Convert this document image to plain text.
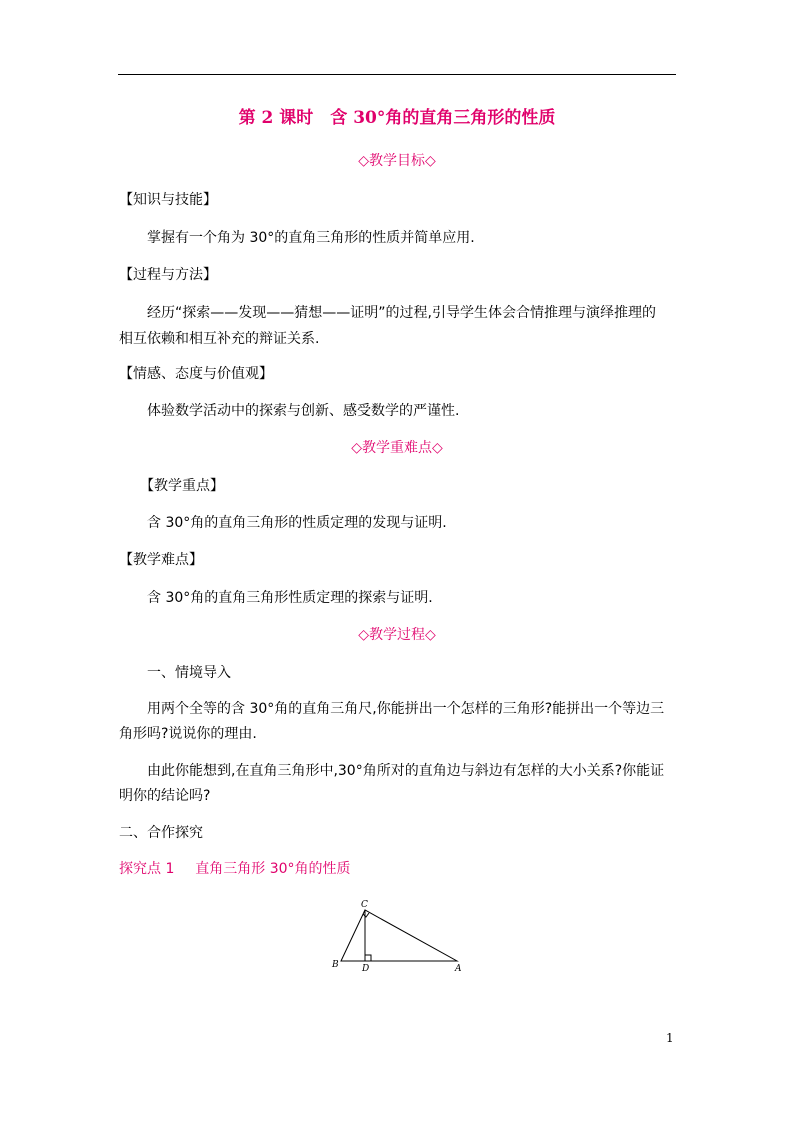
第 2 课时　含 30°角的直角三角形的性质
◇教学目标◇
【知识与技能】
掌握有一个角为 30°的直角三角形的性质并简单应用.
【过程与方法】
经历“探索——发现——猜想——证明”的过程,引导学生体会合情推理与演绎推理的
相互依赖和相互补充的辩证关系.
【情感、态度与价值观】
体验数学活动中的探索与创新、感受数学的严谨性.
◇教学重难点◇
【教学重点】
含 30°角的直角三角形的性质定理的发现与证明.
【教学难点】
含 30°角的直角三角形性质定理的探索与证明.
◇教学过程◇
一、情境导入
用两个全等的含 30°角的直角三角尺,你能拼出一个怎样的三角形?能拼出一个等边三
角形吗?说说你的理由.
由此你能想到,在直角三角形中,30°角所对的直角边与斜边有怎样的大小关系?你能证
明你的结论吗?
二、合作探究
探究点 1 直角三角形 30°角的性质
C
B	D	A
1
